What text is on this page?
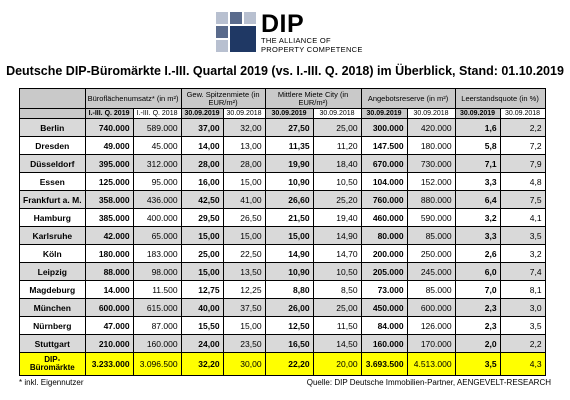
DIP
THE ALLIANCE OF
PROPERTY COMPETENCE
Deutsche DIP-Büromärkte I.-III. Quartal 2019 (vs. I.-III. Q. 2018) im Überblick, Stand: 01.10.2019
	Büroflächenumsatz* (in m²)		Gew. Spitzenmiete (in EUR/m²)		Mittlere Miete City (in EUR/m²)		Angebotsreserve (in m²)		Leerstandsquote (in %)	
	I.-III. Q. 2019	I.-III. Q. 2018	30.09.2019	30.09.2018	30.09.2019	30.09.2018	30.09.2019	30.09.2018	30.09.2019	30.09.2018
Berlin	740.000	589.000	37,00	32,00	27,50	25,00	300.000	420.000	1,6	2,2
Dresden	49.000	45.000	14,00	13,00	11,35	11,20	147.500	180.000	5,8	7,2
Düsseldorf	395.000	312.000	28,00	28,00	19,90	18,40	670.000	730.000	7,1	7,9
Essen	125.000	95.000	16,00	15,00	10,90	10,50	104.000	152.000	3,3	4,8
Frankfurt a. M.	358.000	436.000	42,50	41,00	26,60	25,20	760.000	880.000	6,4	7,5
Hamburg	385.000	400.000	29,50	26,50	21,50	19,40	460.000	590.000	3,2	4,1
Karlsruhe	42.000	65.000	15,00	15,00	15,00	14,90	80.000	85.000	3,3	3,5
Köln	180.000	183.000	25,00	22,50	14,90	14,70	200.000	250.000	2,6	3,2
Leipzig	88.000	98.000	15,00	13,50	10,90	10,50	205.000	245.000	6,0	7,4
Magdeburg	14.000	11.500	12,75	12,25	8,80	8,50	73.000	85.000	7,0	8,1
München	600.000	615.000	40,00	37,50	26,00	25,00	450.000	600.000	2,3	3,0
Nürnberg	47.000	87.000	15,50	15,00	12,50	11,50	84.000	126.000	2,3	3,5
Stuttgart	210.000	160.000	24,00	23,50	16,50	14,50	160.000	170.000	2,0	2,2
DIP-Büromärkte	3.233.000	3.096.500	32,20	30,00	22,20	20,00	3.693.500	4.513.000	3,5	4,3
* inkl. Eigennutzer	Quelle: DIP Deutsche Immobilien-Partner, AENGEVELT-RESEARCH
